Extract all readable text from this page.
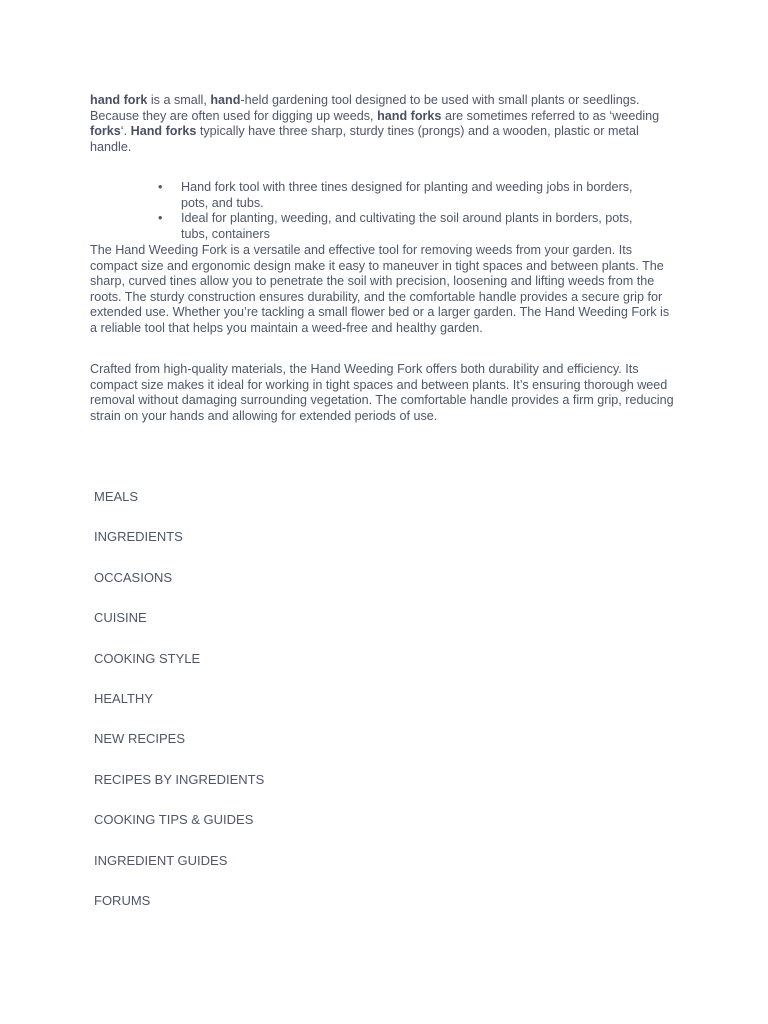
hand fork is a small, hand-held gardening tool designed to be used with small plants or seedlings. Because they are often used for digging up weeds, hand forks are sometimes referred to as ‘weeding forks‘. Hand forks typically have three sharp, sturdy tines (prongs) and a wooden, plastic or metal handle.

• Hand fork tool with three tines designed for planting and weeding jobs in borders, pots, and tubs.
• Ideal for planting, weeding, and cultivating the soil around plants in borders, pots, tubs, containers

The Hand Weeding Fork is a versatile and effective tool for removing weeds from your garden. Its compact size and ergonomic design make it easy to maneuver in tight spaces and between plants. The sharp, curved tines allow you to penetrate the soil with precision, loosening and lifting weeds from the roots. The sturdy construction ensures durability, and the comfortable handle provides a secure grip for extended use. Whether you’re tackling a small flower bed or a larger garden. The Hand Weeding Fork is a reliable tool that helps you maintain a weed-free and healthy garden.

Crafted from high-quality materials, the Hand Weeding Fork offers both durability and efficiency. Its compact size makes it ideal for working in tight spaces and between plants. It’s ensuring thorough weed removal without damaging surrounding vegetation. The comfortable handle provides a firm grip, reducing strain on your hands and allowing for extended periods of use.

MEALS
INGREDIENTS
OCCASIONS
CUISINE
COOKING STYLE
HEALTHY
NEW RECIPES
RECIPES BY INGREDIENTS
COOKING TIPS & GUIDES
INGREDIENT GUIDES
FORUMS
